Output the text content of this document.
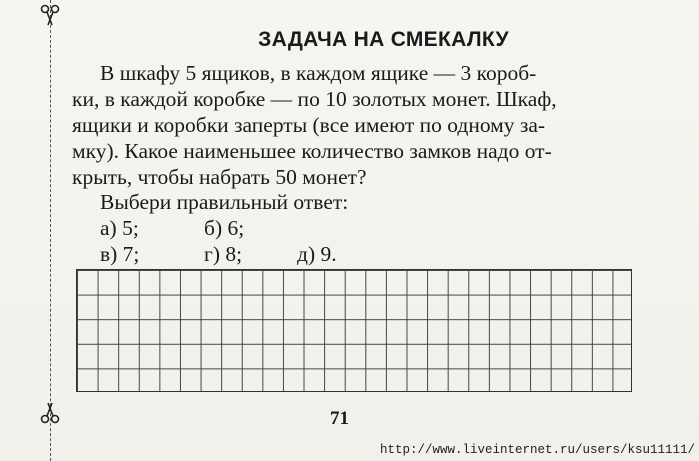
ЗАДАЧА НА СМЕКАЛКУ
В шкафу 5 ящиков, в каждом ящике — 3 короб-
ки, в каждой коробке — по 10 золотых монет. Шкаф,
ящики и коробки заперты (все имеют по одному за-
мку). Какое наименьшее количество замков надо от-
крыть, чтобы набрать 50 монет?
Выбери правильный ответ:
а) 5;	б) 6;
в) 7;	г) 8;	д) 9.
71
http://www.liveinternet.ru/users/ksu11111/
